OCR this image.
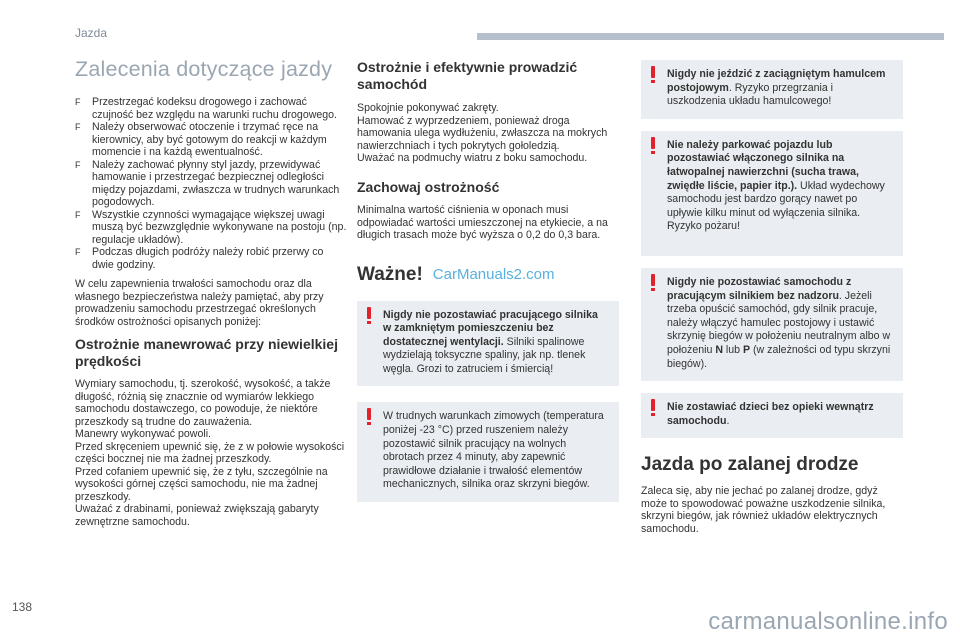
Jazda
Zalecenia dotyczące jazdy
F Przestrzegać kodeksu drogowego i zachować czujność bez względu na warunki ruchu drogowego.
F Należy obserwować otoczenie i trzymać ręce na kierownicy, aby być gotowym do reakcji w każdym momencie i na każdą ewentualność.
F Należy zachować płynny styl jazdy, przewidywać hamowanie i przestrzegać bezpiecznej odległości między pojazdami, zwłaszcza w trudnych warunkach pogodowych.
F Wszystkie czynności wymagające większej uwagi muszą być bezwzględnie wykonywane na postoju (np. regulacje układów).
F Podczas długich podróży należy robić przerwy co dwie godziny.

W celu zapewnienia trwałości samochodu oraz dla własnego bezpieczeństwa należy pamiętać, aby przy prowadzeniu samochodu przestrzegać określonych środków ostrożności opisanych poniżej:

Ostrożnie manewrować przy niewielkiej prędkości

Wymiary samochodu, tj. szerokość, wysokość, a także długość, różnią się znacznie od wymiarów lekkiego samochodu dostawczego, co powoduje, że niektóre przeszkody są trudne do zauważenia.
Manewry wykonywać powoli.
Przed skręceniem upewnić się, że z w połowie wysokości części bocznej nie ma żadnej przeszkody.
Przed cofaniem upewnić się, że z tyłu, szczególnie na wysokości górnej części samochodu, nie ma żadnej przeszkody.
Uważać z drabinami, ponieważ zwiększają gabaryty zewnętrzne samochodu.

Ostrożnie i efektywnie prowadzić samochód

Spokojnie pokonywać zakręty.
Hamować z wyprzedzeniem, ponieważ droga hamowania ulega wydłużeniu, zwłaszcza na mokrych nawierzchniach i tych pokrytych gołoledzią.
Uważać na podmuchy wiatru z boku samochodu.

Zachowaj ostrożność

Minimalna wartość ciśnienia w oponach musi odpowiadać wartości umieszczonej na etykiecie, a na długich trasach może być wyższa o 0,2 do 0,3 bara.

Ważne! CarManuals2.com
Nigdy nie pozostawiać pracującego silnika w zamkniętym pomieszczeniu bez dostatecznej wentylacji. Silniki spalinowe wydzielają toksyczne spaliny, jak np. tlenek węgla. Grozi to zatruciem i śmiercią!
W trudnych warunkach zimowych (temperatura poniżej -23 °C) przed ruszeniem należy pozostawić silnik pracujący na wolnych obrotach przez 4 minuty, aby zapewnić prawidłowe działanie i trwałość elementów mechanicznych, silnika oraz skrzyni biegów.
Nigdy nie jeździć z zaciągniętym hamulcem postojowym. Ryzyko przegrzania i uszkodzenia układu hamulcowego!
Nie należy parkować pojazdu lub pozostawiać włączonego silnika na łatwopalnej nawierzchni (sucha trawa, zwiędłe liście, papier itp.). Układ wydechowy samochodu jest bardzo gorący nawet po upływie kilku minut od wyłączenia silnika. Ryzyko pożaru!
Nigdy nie pozostawiać samochodu z pracującym silnikiem bez nadzoru. Jeżeli trzeba opuścić samochód, gdy silnik pracuje, należy włączyć hamulec postojowy i ustawić skrzynię biegów w położeniu neutralnym albo w położeniu N lub P (w zależności od typu skrzyni biegów).
Nie zostawiać dzieci bez opieki wewnątrz samochodu.
Jazda po zalanej drodze

Zaleca się, aby nie jechać po zalanej drodze, gdyż może to spowodować poważne uszkodzenie silnika, skrzyni biegów, jak również układów elektrycznych samochodu.

138
carmanualsonline.info
